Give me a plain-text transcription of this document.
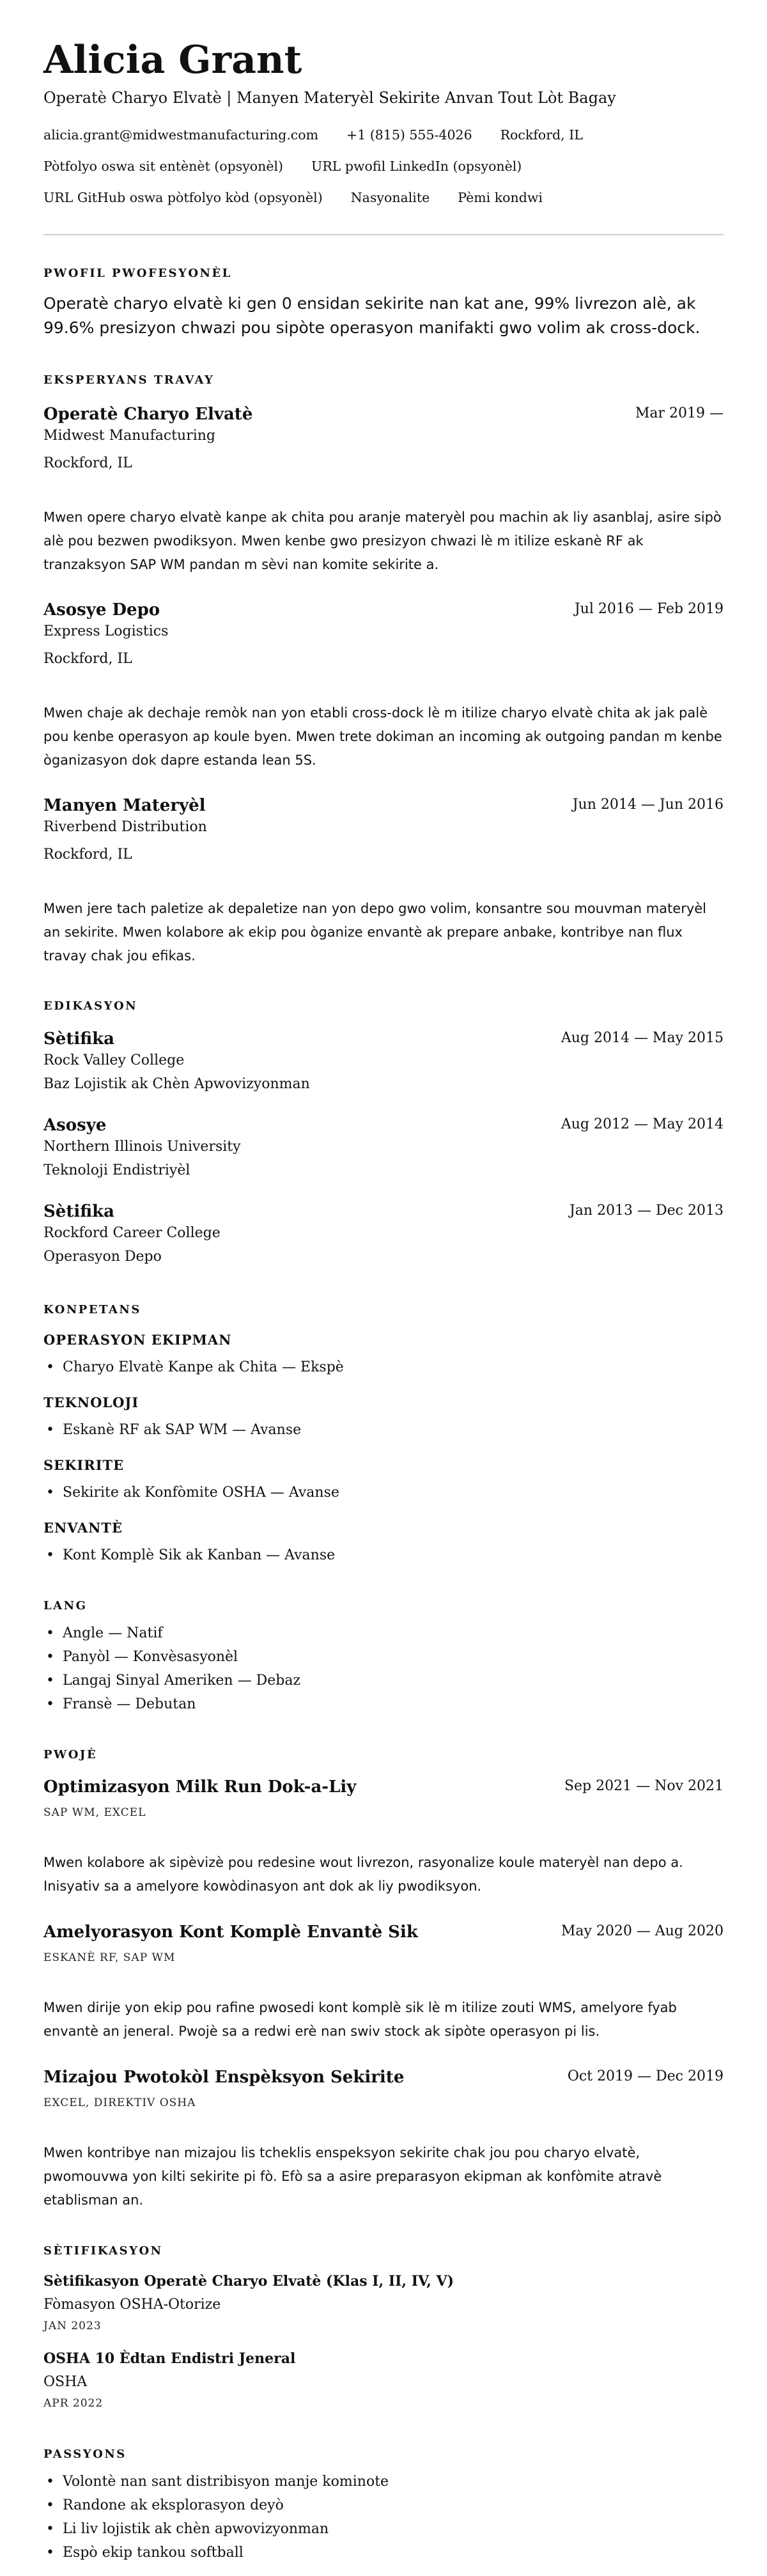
Alicia Grant
Operatè Charyo Elvatè | Manyen Materyèl Sekirite Anvan Tout Lòt Bagay
alicia.grant@midwestmanufacturing.com +1 (815) 555-4026 Rockford, IL
Pòtfolyo oswa sit entènèt (opsyonèl) URL pwofil LinkedIn (opsyonèl)
URL GitHub oswa pòtfolyo kòd (opsyonèl) Nasyonalite Pèmi kondwi
PWOFIL PWOFESYONÈL
Operatè charyo elvatè ki gen 0 ensidan sekirite nan kat ane, 99% livrezon alè, ak 99.6% presizyon chwazi pou sipòte operasyon manifakti gwo volim ak cross-dock.
EKSPERYANS TRAVAY
Operatè Charyo Elvatè	Mar 2019 —
Midwest Manufacturing
Rockford, IL
Mwen opere charyo elvatè kanpe ak chita pou aranje materyèl pou machin ak liy asanblaj, asire sipò alè pou bezwen pwodiksyon. Mwen kenbe gwo presizyon chwazi lè m itilize eskanè RF ak tranzaksyon SAP WM pandan m sèvi nan komite sekirite a.
Asosye Depo	Jul 2016 — Feb 2019
Express Logistics
Rockford, IL
Mwen chaje ak dechaje remòk nan yon etabli cross-dock lè m itilize charyo elvatè chita ak jak palè pou kenbe operasyon ap koule byen. Mwen trete dokiman an incoming ak outgoing pandan m kenbe òganizasyon dok dapre estanda lean 5S.
Manyen Materyèl	Jun 2014 — Jun 2016
Riverbend Distribution
Rockford, IL
Mwen jere tach paletize ak depaletize nan yon depo gwo volim, konsantre sou mouvman materyèl an sekirite. Mwen kolabore ak ekip pou òganize envantè ak prepare anbake, kontribye nan flux travay chak jou efikas.
EDIKASYON
Sètifika	Aug 2014 — May 2015
Rock Valley College
Baz Lojistik ak Chèn Apwovizyonman
Asosye	Aug 2012 — May 2014
Northern Illinois University
Teknoloji Endistriyèl
Sètifika	Jan 2013 — Dec 2013
Rockford Career College
Operasyon Depo
KONPETANS
OPERASYON EKIPMAN
• Charyo Elvatè Kanpe ak Chita — Ekspè
TEKNOLOJI
• Eskanè RF ak SAP WM — Avanse
SEKIRITE
• Sekirite ak Konfòmite OSHA — Avanse
ENVANTÈ
• Kont Komplè Sik ak Kanban — Avanse
LANG
• Angle — Natif
• Panyòl — Konvèsasyonèl
• Langaj Sinyal Ameriken — Debaz
• Fransè — Debutan
PWOJÈ
Optimizasyon Milk Run Dok-a-Liy	Sep 2021 — Nov 2021
SAP WM, EXCEL
Mwen kolabore ak sipèvizè pou redesine wout livrezon, rasyonalize koule materyèl nan depo a. Inisyativ sa a amelyore kowòdinasyon ant dok ak liy pwodiksyon.
Amelyorasyon Kont Komplè Envantè Sik	May 2020 — Aug 2020
ESKANÈ RF, SAP WM
Mwen dirije yon ekip pou rafine pwosedi kont komplè sik lè m itilize zouti WMS, amelyore fyab envantè an jeneral. Pwojè sa a redwi erè nan swiv stock ak sipòte operasyon pi lis.
Mizajou Pwotokòl Enspèksyon Sekirite	Oct 2019 — Dec 2019
EXCEL, DIREKTIV OSHA
Mwen kontribye nan mizajou lis tcheklis enspeksyon sekirite chak jou pou charyo elvatè, pwomouvwa yon kilti sekirite pi fò. Efò sa a asire preparasyon ekipman ak konfòmite atravè etablisman an.
SÈTIFIKASYON
Sètifikasyon Operatè Charyo Elvatè (Klas I, II, IV, V)
Fòmasyon OSHA-Otorize
JAN 2023
OSHA 10 Èdtan Endistri Jeneral
OSHA
APR 2022
PASSYONS
• Volontè nan sant distribisyon manje kominote
• Randone ak eksplorasyon deyò
• Li liv lojistik ak chèn apwovizyonman
• Espò ekip tankou softball
